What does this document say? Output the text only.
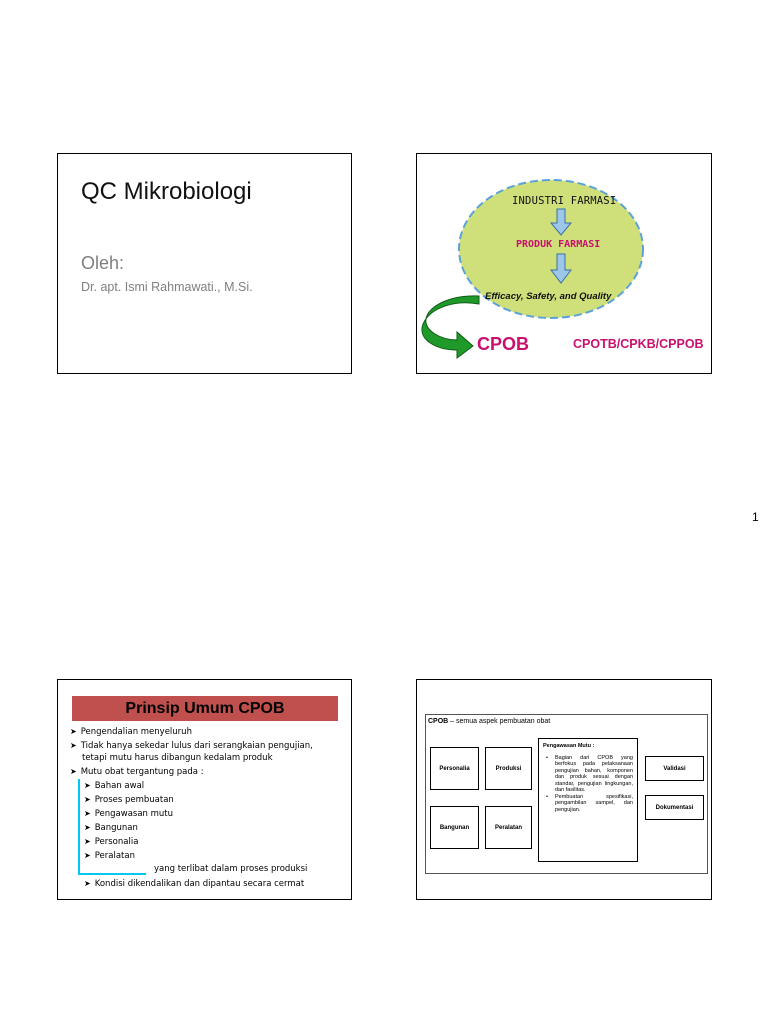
QC Mikrobiologi
Oleh:
Dr. apt. Ismi Rahmawati., M.Si.
INDUSTRI FARMASI
PRODUK FARMASI
Efficacy, Safety, and Quality
CPOB	CPOTB/CPKB/CPPOB
1
Prinsip Umum CPOB
➤ Pengendalian menyeluruh
➤ Tidak hanya sekedar lulus dari serangkaian pengujian,
tetapi mutu harus dibangun kedalam produk
➤ Mutu obat tergantung pada :
➤ Bahan awal
➤ Proses pembuatan
➤ Pengawasan mutu
➤ Bangunan
➤ Personalia
➤ Peralatan
yang terlibat dalam proses produksi
➤ Kondisi dikendalikan dan dipantau secara cermat
CPOB – semua aspek pembuatan obat
Personalia	Produksi
Bangunan	Peralatan
Pengawasan Mutu :
• Bagian dari CPOB yang berfokus pada pelaksanaan pengujian bahan, komponen dan produk sesuai dengan standar, pengujian lingkungan, dan fasilitas.
• Pembuatan spesifikasi, pengambilan sampel, dan pengujian.
Validasi
Dokumentasi
